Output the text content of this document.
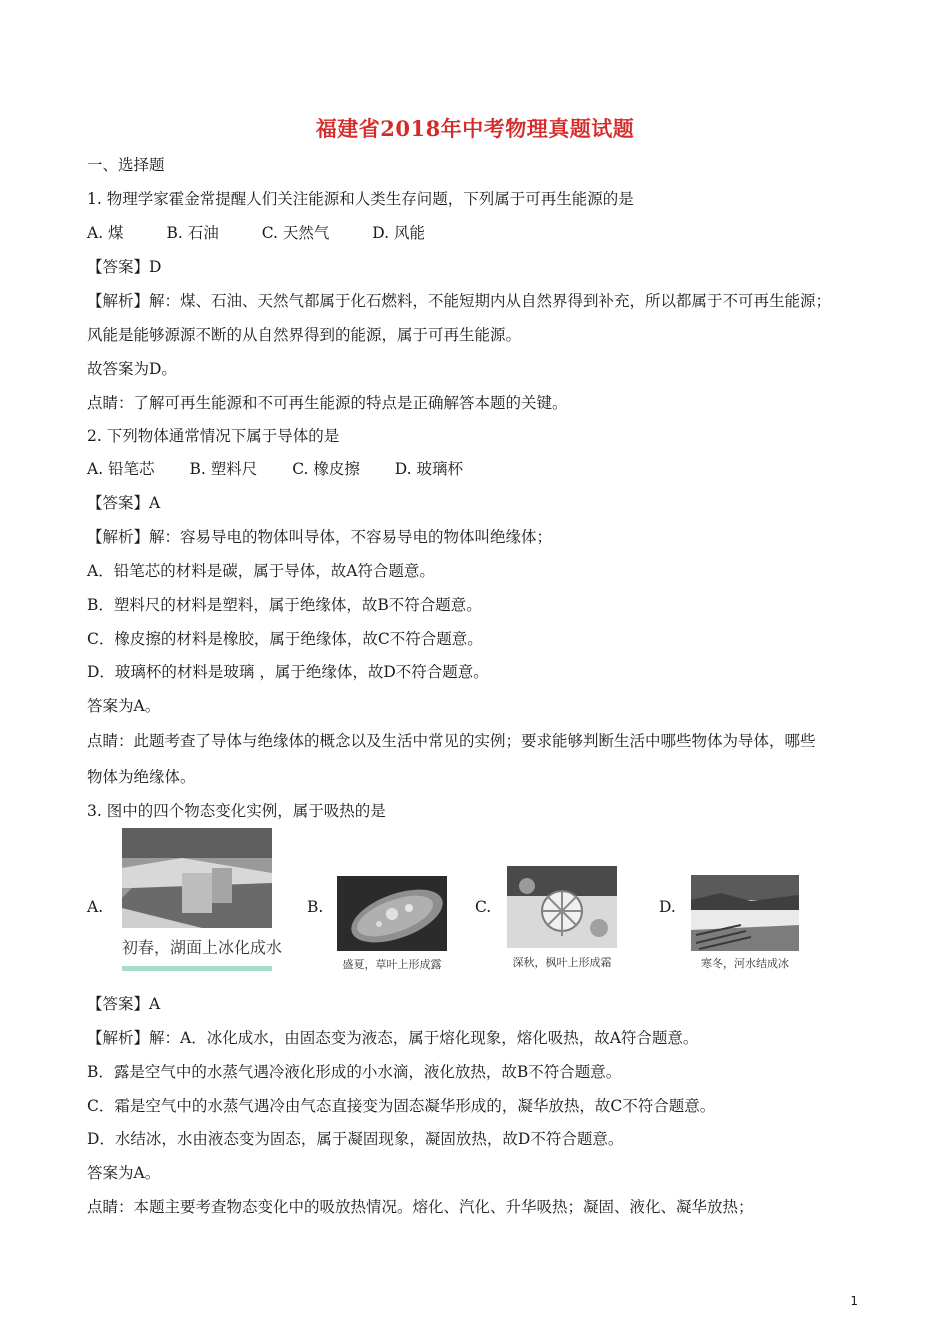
福建省2018年中考物理真题试题
一、选择题
1. 物理学家霍金常提醒人们关注能源和人类生存问题，下列属于可再生能源的是
A. 煤	B. 石油	C. 天然气	D. 风能
【答案】D
【解析】解：煤、石油、天然气都属于化石燃料，不能短期内从自然界得到补充，所以都属于不可再生能源；
风能是能够源源不断的从自然界得到的能源，属于可再生能源。
故答案为D。
点睛：了解可再生能源和不可再生能源的特点是正确解答本题的关键。
2. 下列物体通常情况下属于导体的是
A. 铅笔芯 B. 塑料尺 C. 橡皮擦 D. 玻璃杯
【答案】A
【解析】解：容易导电的物体叫导体，不容易导电的物体叫绝缘体；
A．铅笔芯的材料是碳，属于导体，故A符合题意。
B．塑料尺的材料是塑料，属于绝缘体，故B不符合题意。
C．橡皮擦的材料是橡胶，属于绝缘体，故C不符合题意。
D．玻璃杯的材料是玻璃 ，属于绝缘体，故D不符合题意。
答案为A。
点睛：此题考查了导体与绝缘体的概念以及生活中常见的实例；要求能够判断生活中哪些物体为导体，哪些
物体为绝缘体。
3. 图中的四个物态变化实例，属于吸热的是
A.
初春，湖面上冰化成水
B.
盛夏，草叶上形成露
C.
深秋，枫叶上形成霜
D.
寒冬，河水结成冰
【答案】A
【解析】解：A．冰化成水，由固态变为液态，属于熔化现象，熔化吸热，故A符合题意。
B．露是空气中的水蒸气遇冷液化形成的小水滴，液化放热，故B不符合题意。
C．霜是空气中的水蒸气遇冷由气态直接变为固态凝华形成的，凝华放热，故C不符合题意。
D．水结冰，水由液态变为固态，属于凝固现象，凝固放热，故D不符合题意。
答案为A。
点睛：本题主要考查物态变化中的吸放热情况。熔化、汽化、升华吸热；凝固、液化、凝华放热；
1
